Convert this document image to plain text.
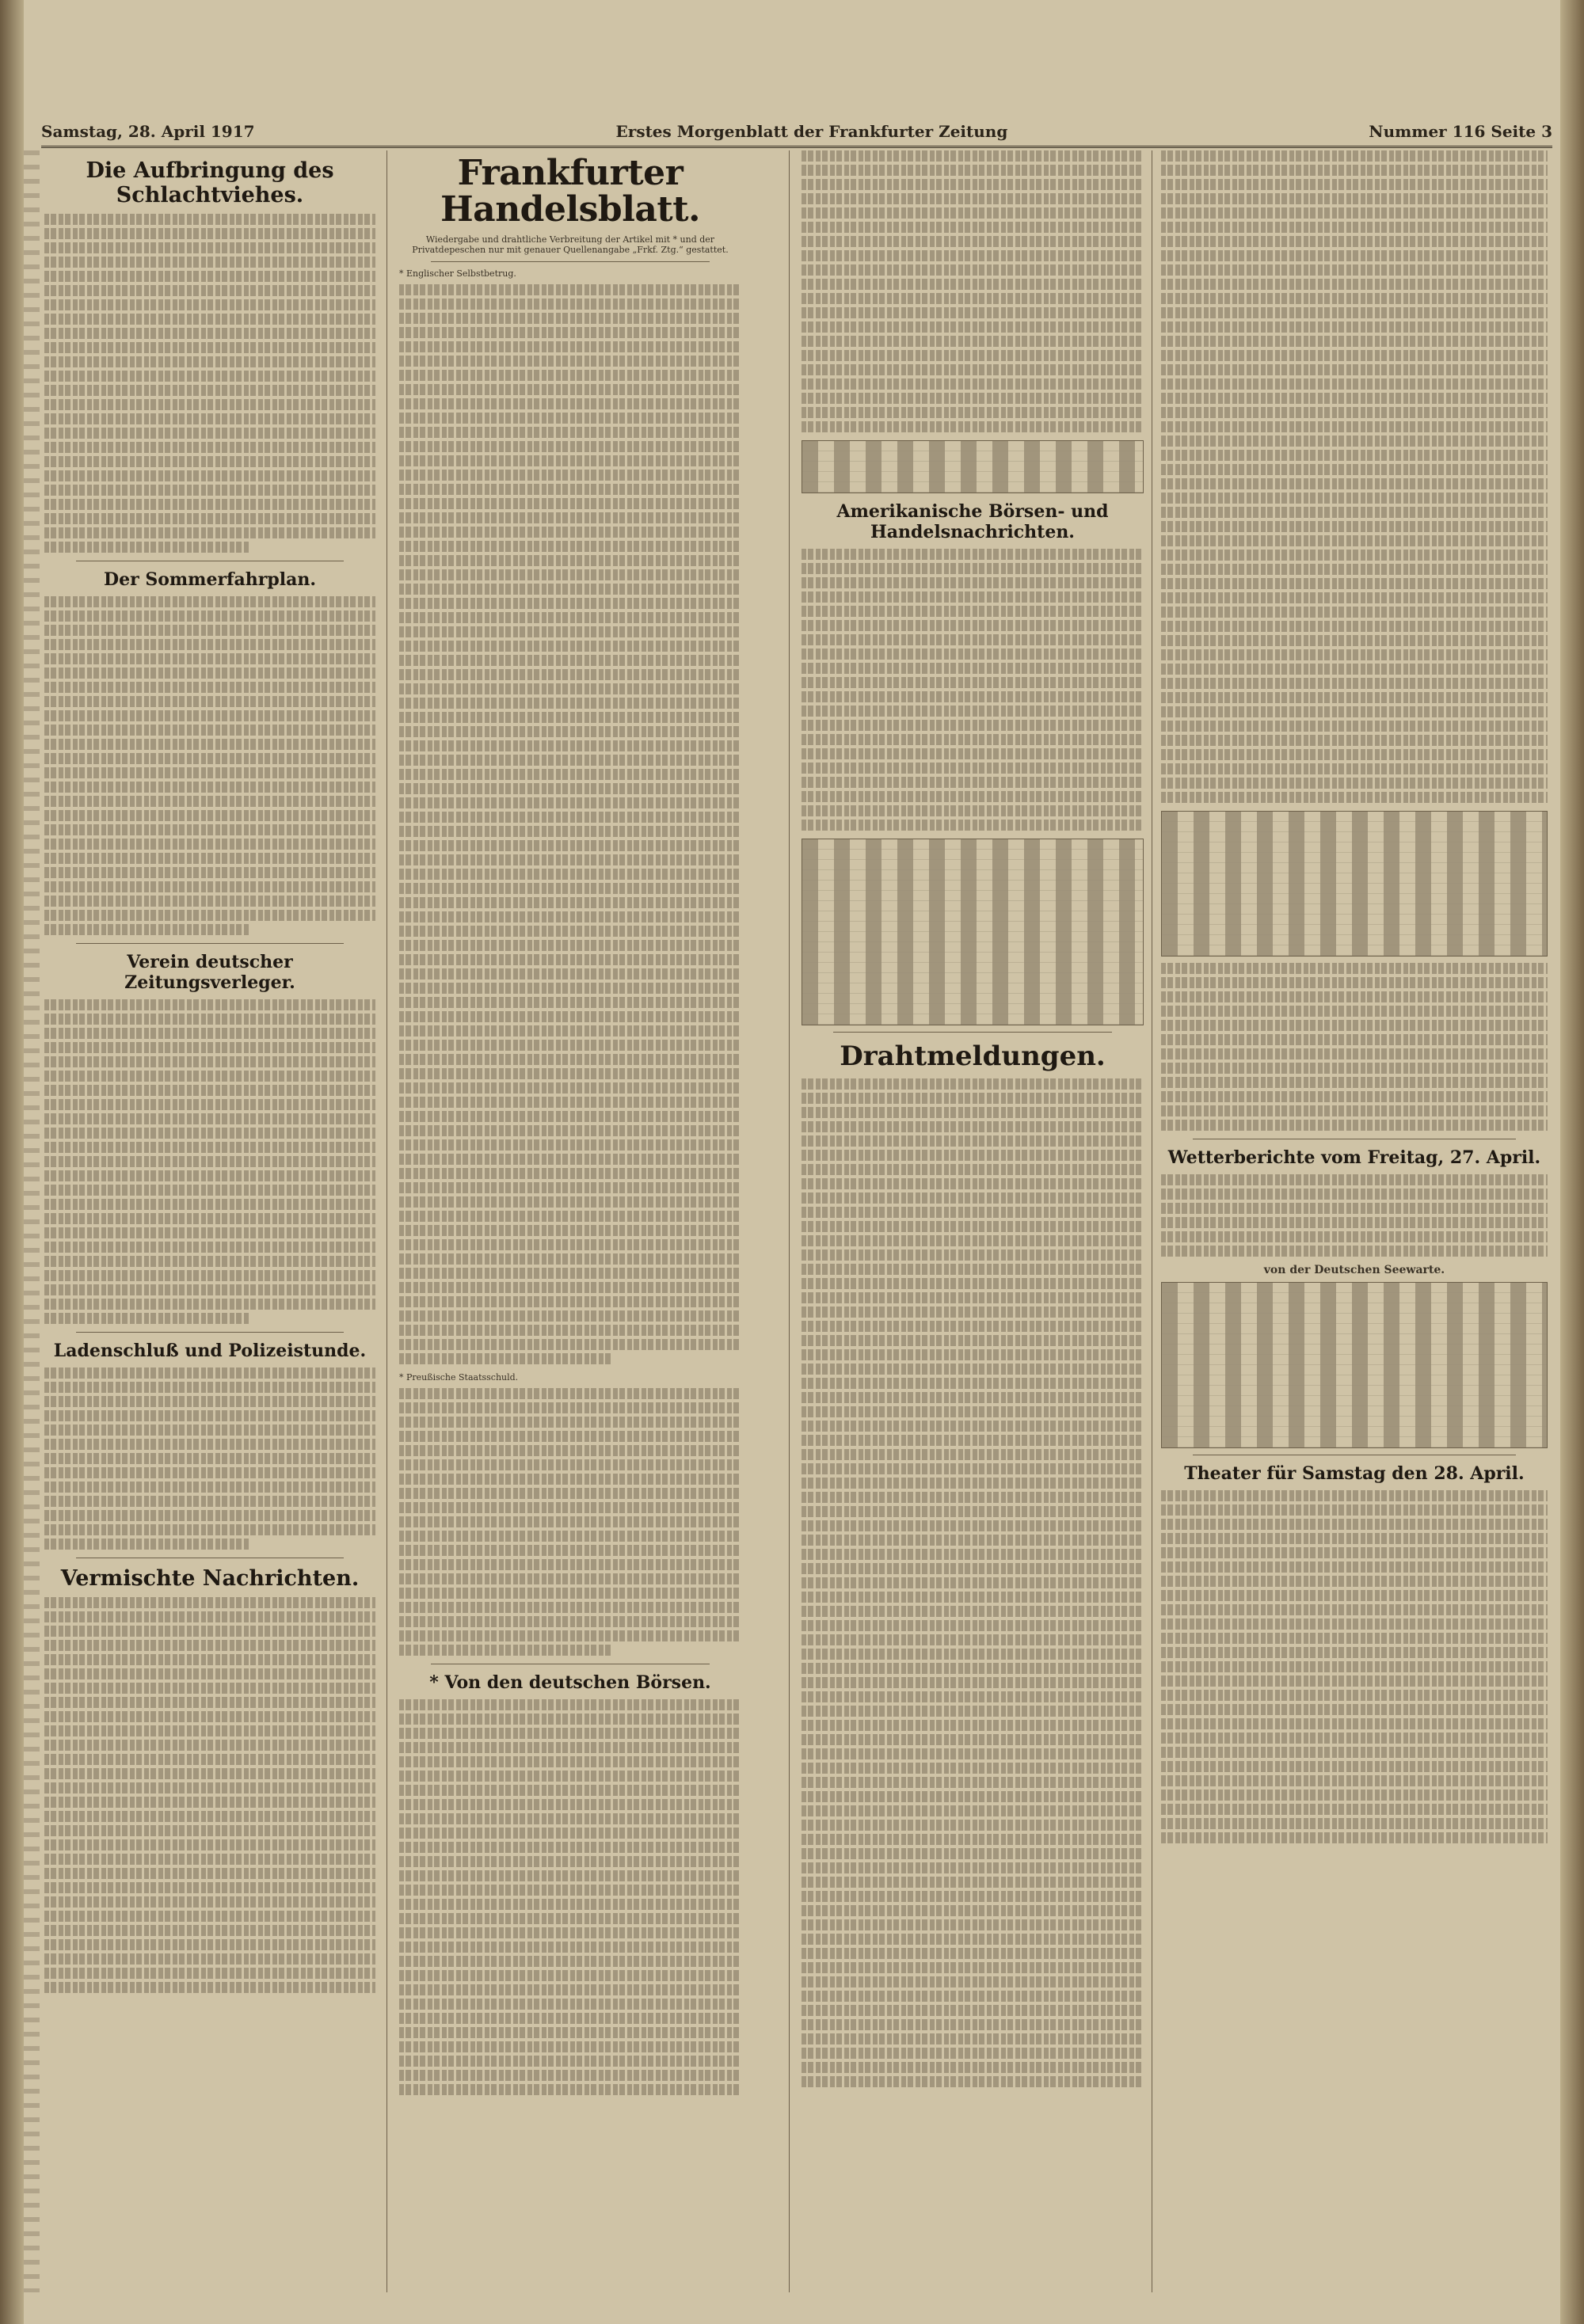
Samstag, 28. April 1917	Erstes Morgenblatt der Frankfurter Zeitung	Nummer 116 Seite 3
Die Aufbringung des Schlachtviehes.
Der Sommerfahrplan.
Verein deutscher Zeitungsverleger.
Ladenschluß und Polizeistunde.
Vermischte Nachrichten.
Frankfurter Handelsblatt.
Wiedergabe und drahtliche Verbreitung der Artikel mit * und der Privatdepeschen nur mit genauer Quellenangabe „Frkf. Ztg.“ gestattet.
* Englischer Selbstbetrug.
* Preußische Staatsschuld.
* Von den deutschen Börsen.
Amerikanische Börsen- und Handelsnachrichten.
Drahtmeldungen.
Wetterberichte vom Freitag, 27. April.
von der Deutschen Seewarte.
Theater für Samstag den 28. April.
